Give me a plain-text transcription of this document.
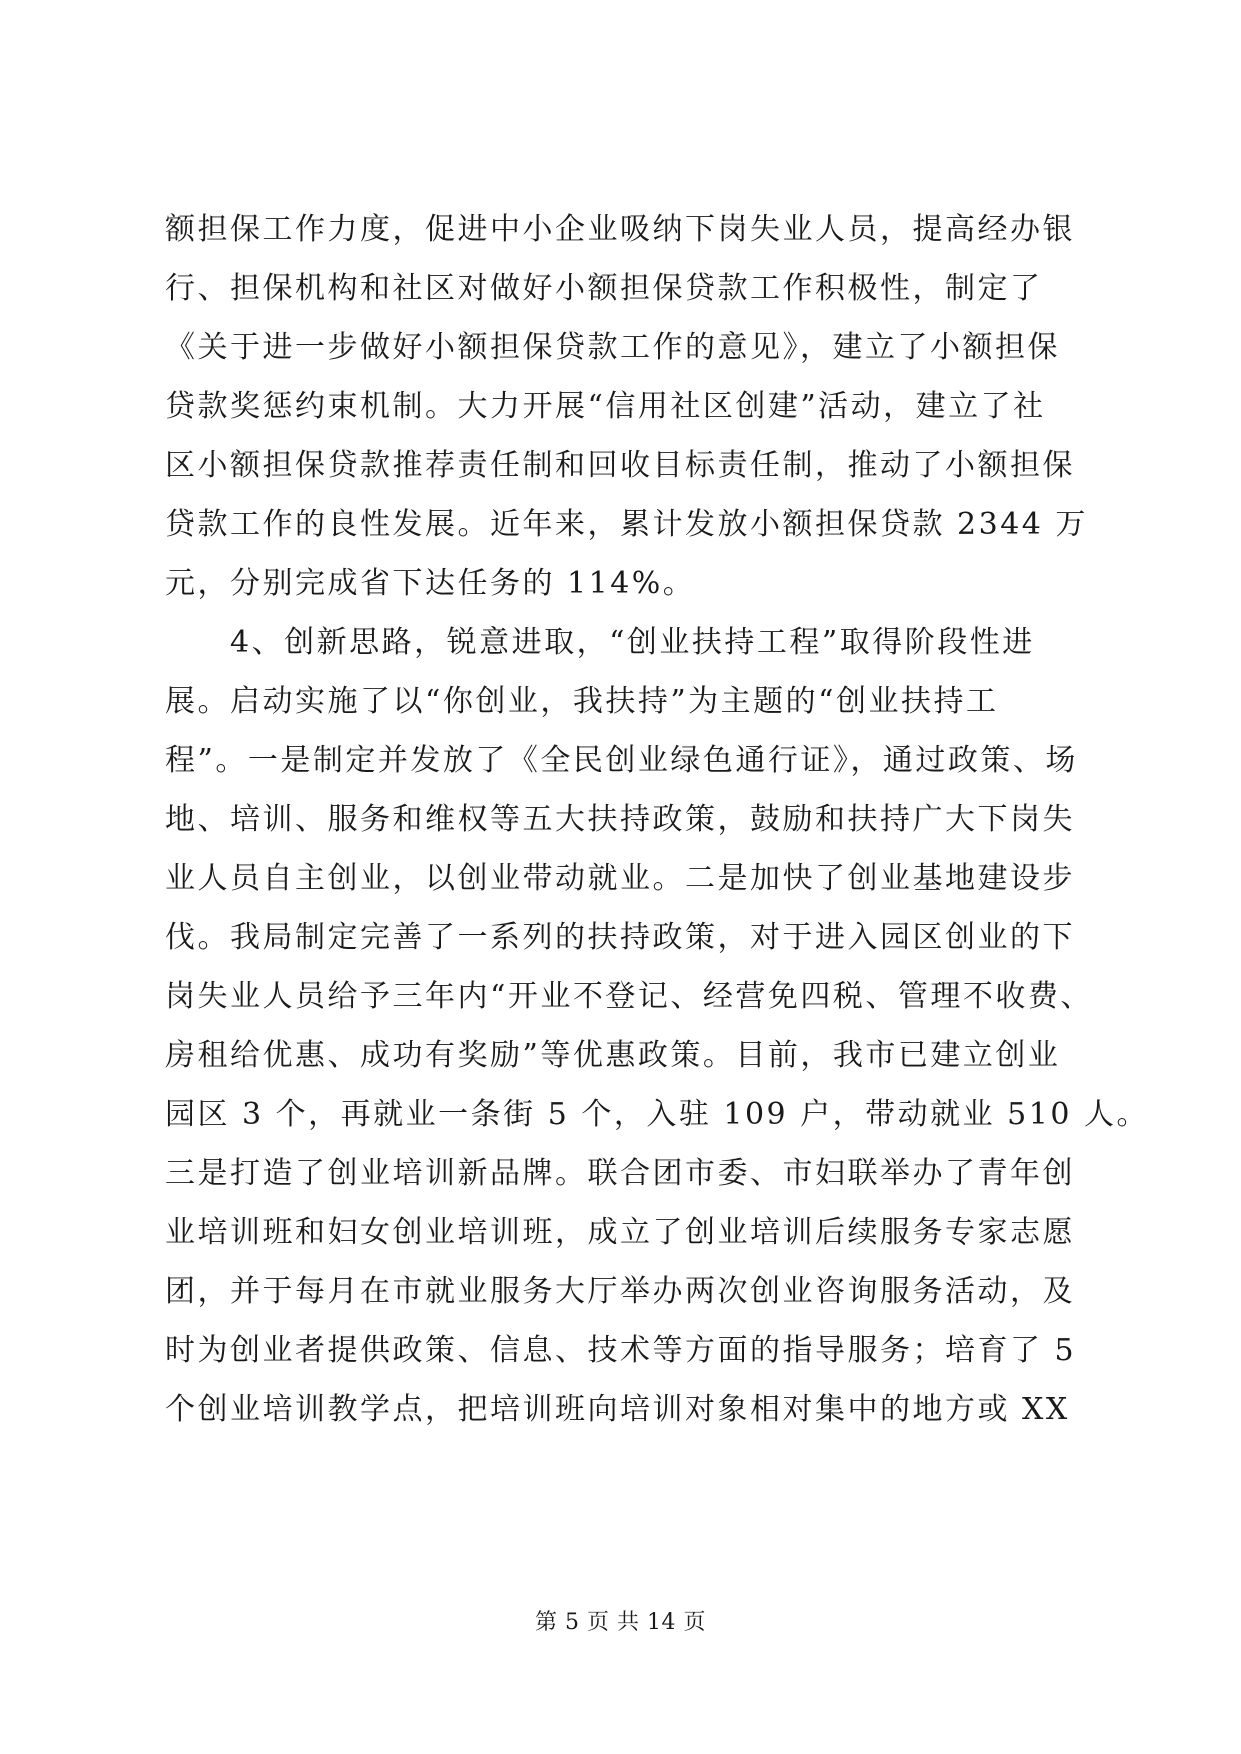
额担保工作力度，促进中小企业吸纳下岗失业人员，提高经办银
行、担保机构和社区对做好小额担保贷款工作积极性，制定了
《关于进一步做好小额担保贷款工作的意见》，建立了小额担保
贷款奖惩约束机制。大力开展“信用社区创建”活动，建立了社
区小额担保贷款推荐责任制和回收目标责任制，推动了小额担保
贷款工作的良性发展。近年来，累计发放小额担保贷款 2344 万
元，分别完成省下达任务的 114%。
　　4、创新思路，锐意进取，“创业扶持工程”取得阶段性进
展。启动实施了以“你创业，我扶持”为主题的“创业扶持工
程”。一是制定并发放了《全民创业绿色通行证》，通过政策、场
地、培训、服务和维权等五大扶持政策，鼓励和扶持广大下岗失
业人员自主创业，以创业带动就业。二是加快了创业基地建设步
伐。我局制定完善了一系列的扶持政策，对于进入园区创业的下
岗失业人员给予三年内“开业不登记、经营免四税、管理不收费、
房租给优惠、成功有奖励”等优惠政策。目前，我市已建立创业
园区 3 个，再就业一条街 5 个，入驻 109 户，带动就业 510 人。
三是打造了创业培训新品牌。联合团市委、市妇联举办了青年创
业培训班和妇女创业培训班，成立了创业培训后续服务专家志愿
团，并于每月在市就业服务大厅举办两次创业咨询服务活动，及
时为创业者提供政策、信息、技术等方面的指导服务；培育了 5
个创业培训教学点，把培训班向培训对象相对集中的地方或 XX
第 5 页 共 14 页
